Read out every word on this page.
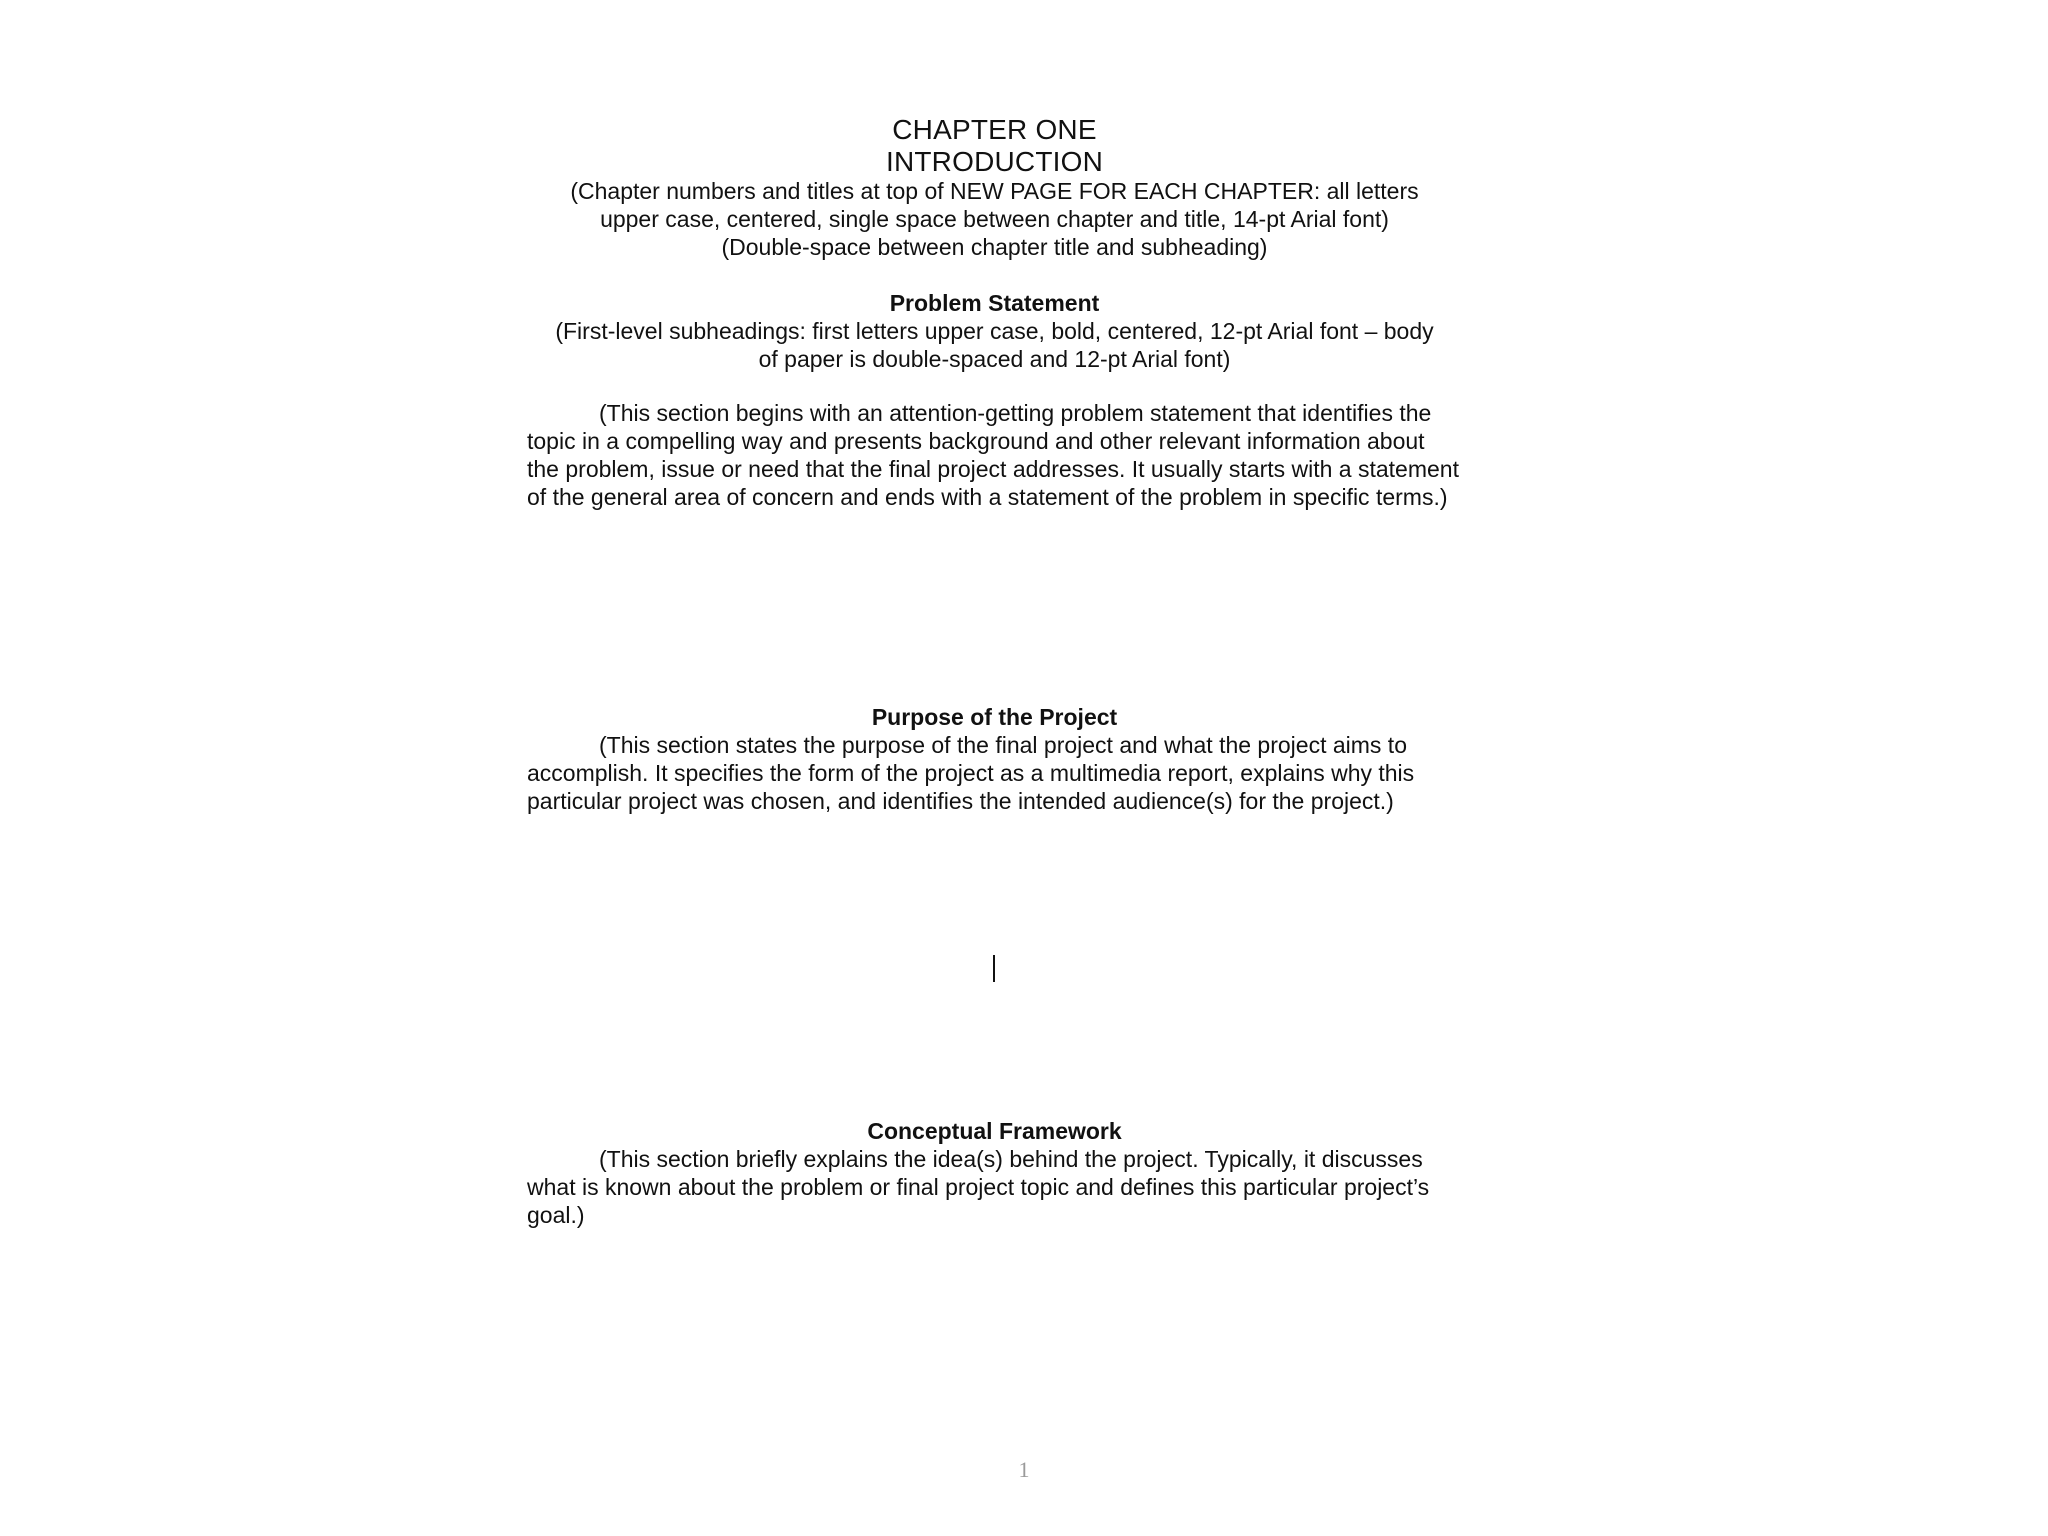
CHAPTER ONE
INTRODUCTION
(Chapter numbers and titles at top of NEW PAGE FOR EACH CHAPTER: all letters
upper case, centered, single space between chapter and title, 14-pt Arial font)
(Double-space between chapter title and subheading)
Problem Statement
(First-level subheadings: first letters upper case, bold, centered, 12-pt Arial font – body
of paper is double-spaced and 12-pt Arial font)
(This section begins with an attention-getting problem statement that identifies the topic in a compelling way and presents background and other relevant information about the problem, issue or need that the final project addresses. It usually starts with a statement of the general area of concern and ends with a statement of the problem in specific terms.)
Purpose of the Project
(This section states the purpose of the final project and what the project aims to accomplish. It specifies the form of the project as a multimedia report, explains why this particular project was chosen, and identifies the intended audience(s) for the project.)
Conceptual Framework
(This section briefly explains the idea(s) behind the project. Typically, it discusses what is known about the problem or final project topic and defines this particular project’s goal.)
1
